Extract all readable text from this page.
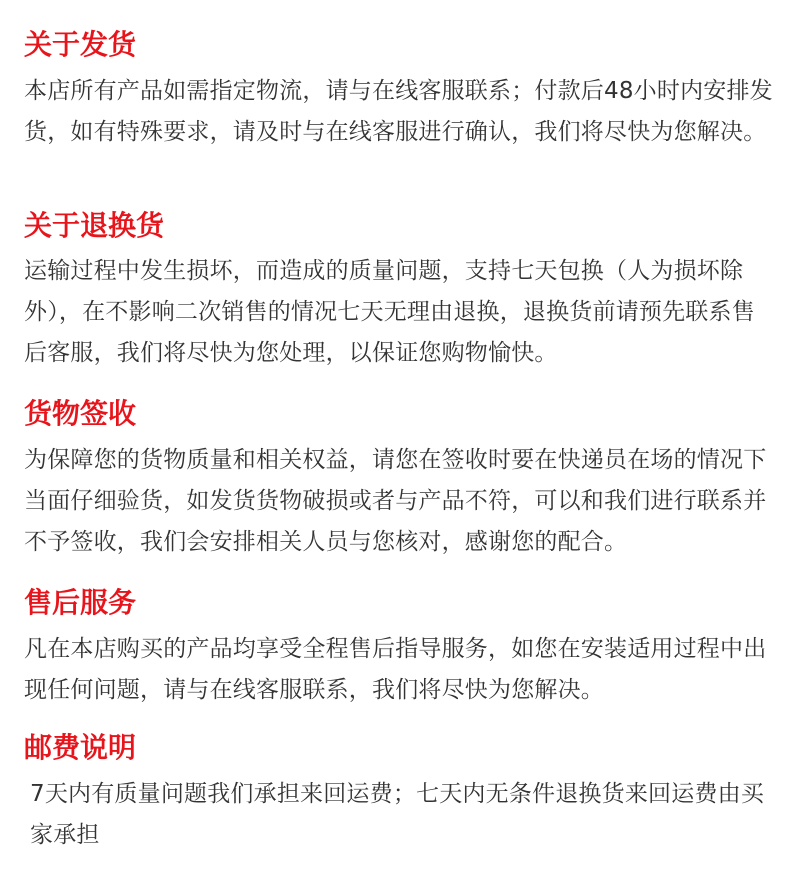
关于发货

本店所有产品如需指定物流，请与在线客服联系；付款后48小时内安排发货，如有特殊要求，请及时与在线客服进行确认，我们将尽快为您解决。

关于退换货

运输过程中发生损坏，而造成的质量问题，支持七天包换（人为损坏除外），在不影响二次销售的情况七天无理由退换，退换货前请预先联系售后客服，我们将尽快为您处理，以保证您购物愉快。

货物签收

为保障您的货物质量和相关权益，请您在签收时要在快递员在场的情况下当面仔细验货，如发货货物破损或者与产品不符，可以和我们进行联系并不予签收，我们会安排相关人员与您核对，感谢您的配合。

售后服务

凡在本店购买的产品均享受全程售后指导服务，如您在安装适用过程中出现任何问题，请与在线客服联系，我们将尽快为您解决。

邮费说明

7天内有质量问题我们承担来回运费；七天内无条件退换货来回运费由买家承担
